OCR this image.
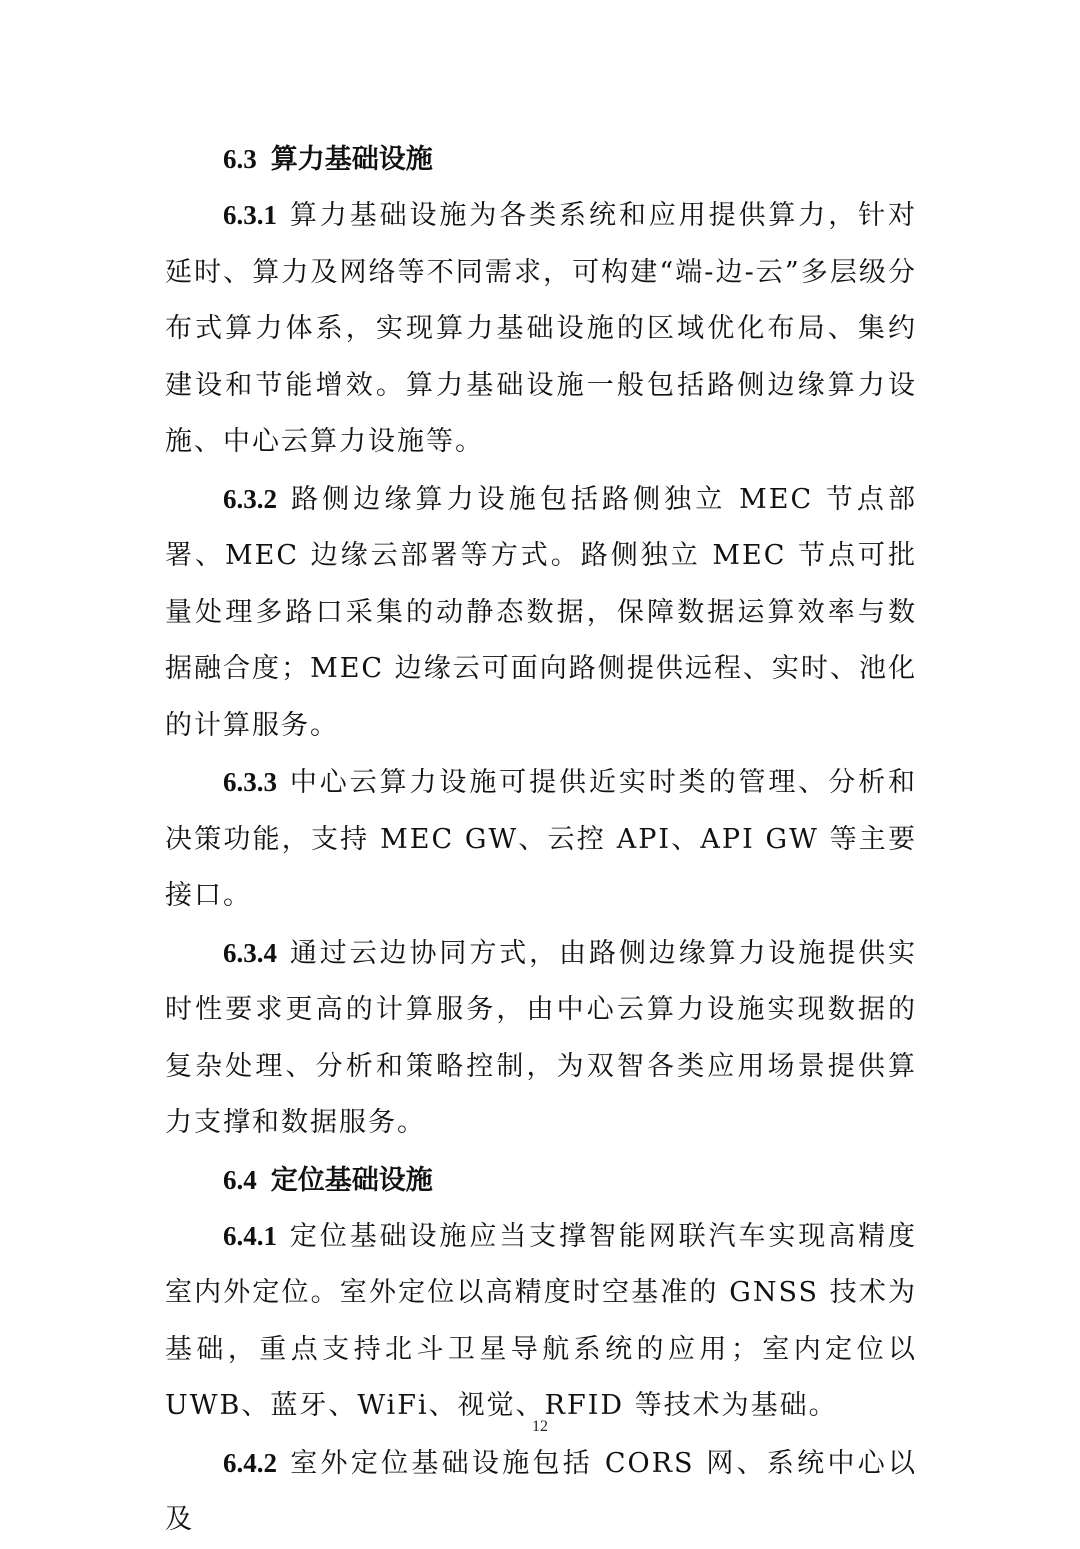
6.3 算力基础设施

6.3.1 算力基础设施为各类系统和应用提供算力，针对延时、算力及网络等不同需求，可构建“端-边-云”多层级分布式算力体系，实现算力基础设施的区域优化布局、集约建设和节能增效。算力基础设施一般包括路侧边缘算力设施、中心云算力设施等。

6.3.2 路侧边缘算力设施包括路侧独立 MEC 节点部署、MEC 边缘云部署等方式。路侧独立 MEC 节点可批量处理多路口采集的动静态数据，保障数据运算效率与数据融合度；MEC 边缘云可面向路侧提供远程、实时、池化的计算服务。

6.3.3 中心云算力设施可提供近实时类的管理、分析和决策功能，支持 MEC GW、云控 API、API GW 等主要接口。

6.3.4 通过云边协同方式，由路侧边缘算力设施提供实时性要求更高的计算服务，由中心云算力设施实现数据的复杂处理、分析和策略控制，为双智各类应用场景提供算力支撑和数据服务。

6.4 定位基础设施

6.4.1 定位基础设施应当支撑智能网联汽车实现高精度室内外定位。室外定位以高精度时空基准的 GNSS 技术为基础，重点支持北斗卫星导航系统的应用；室内定位以 UWB、蓝牙、WiFi、视觉、RFID 等技术为基础。

6.4.2 室外定位基础设施包括 CORS 网、系统中心以及

12
